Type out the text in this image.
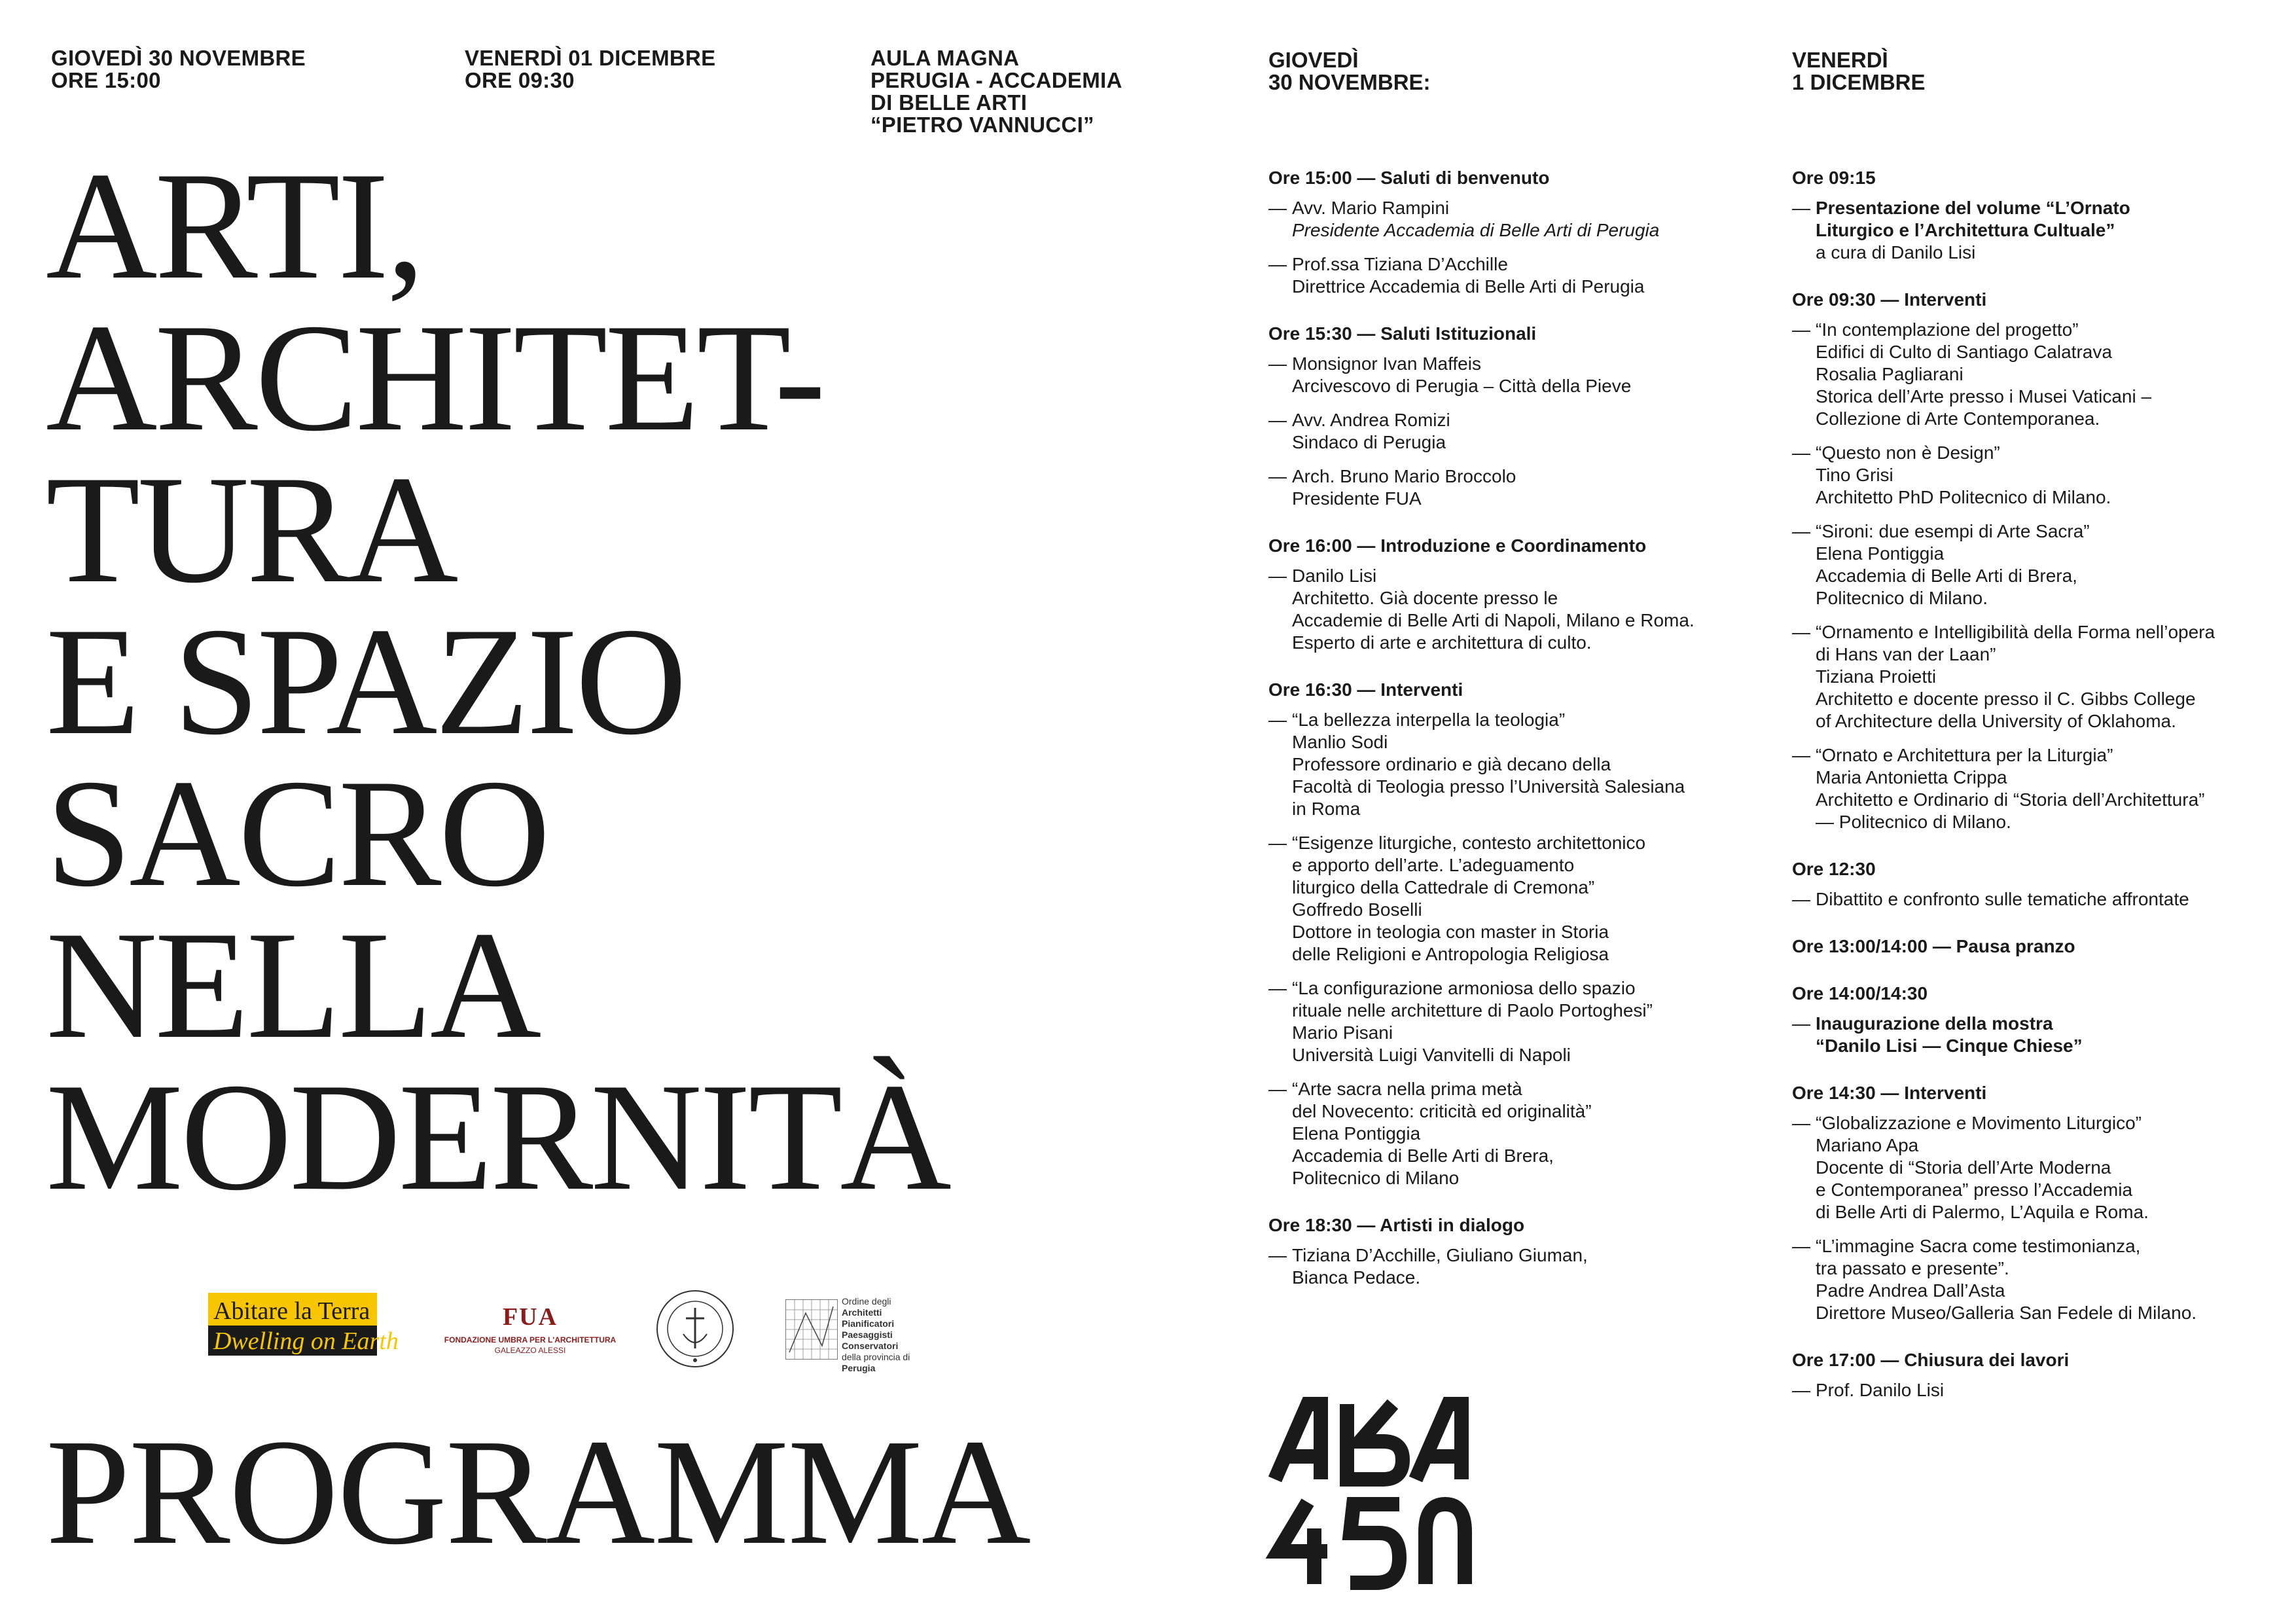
GIOVEDÌ 30 NOVEMBRE
ORE 15:00
VENERDÌ 01 DICEMBRE
ORE 09:30
AULA MAGNA
PERUGIA - ACCADEMIA
DI BELLE ARTI
“PIETRO VANNUCCI”
ARTI,
ARCHITET-
TURA
E SPAZIO
SACRO
NELLA
MODERNITÀ
Abitare la Terra
Dwelling on Earth
FUA
FONDAZIONE UMBRA PER L'ARCHITETTURA
GALEAZZO ALESSI
Ordine degli
Architetti
Pianificatori
Paesaggisti
Conservatori
della provincia di
Perugia
PROGRAMMA
ABA
GIOVEDÌ
30 NOVEMBRE:
Ore 15:00 — Saluti di benvenuto
— Avv. Mario Rampini
Presidente Accademia di Belle Arti di Perugia
— Prof.ssa Tiziana D’Acchille
Direttrice Accademia di Belle Arti di Perugia
Ore 15:30 — Saluti Istituzionali
— Monsignor Ivan Maffeis
Arcivescovo di Perugia – Città della Pieve
— Avv. Andrea Romizi
Sindaco di Perugia
— Arch. Bruno Mario Broccolo
Presidente FUA
Ore 16:00 — Introduzione e Coordinamento
— Danilo Lisi
Architetto. Già docente presso le
Accademie di Belle Arti di Napoli, Milano e Roma.
Esperto di arte e architettura di culto.
Ore 16:30 — Interventi
— “La bellezza interpella la teologia”
Manlio Sodi
Professore ordinario e già decano della
Facoltà di Teologia presso l’Università Salesiana
in Roma
— “Esigenze liturgiche, contesto architettonico
e apporto dell’arte. L’adeguamento
liturgico della Cattedrale di Cremona”
Goffredo Boselli
Dottore in teologia con master in Storia
delle Religioni e Antropologia Religiosa
— “La configurazione armoniosa dello spazio
rituale nelle architetture di Paolo Portoghesi”
Mario Pisani
Università Luigi Vanvitelli di Napoli
— “Arte sacra nella prima metà
del Novecento: criticità ed originalità”
Elena Pontiggia
Accademia di Belle Arti di Brera,
Politecnico di Milano
Ore 18:30 — Artisti in dialogo
— Tiziana D’Acchille, Giuliano Giuman,
Bianca Pedace.
VENERDÌ
1 DICEMBRE
Ore 09:15
— Presentazione del volume “L’Ornato
Liturgico e l’Architettura Cultuale”
a cura di Danilo Lisi
Ore 09:30 — Interventi
— “In contemplazione del progetto”
Edifici di Culto di Santiago Calatrava
Rosalia Pagliarani
Storica dell’Arte presso i Musei Vaticani –
Collezione di Arte Contemporanea.
— “Questo non è Design”
Tino Grisi
Architetto PhD Politecnico di Milano.
— “Sironi: due esempi di Arte Sacra”
Elena Pontiggia
Accademia di Belle Arti di Brera,
Politecnico di Milano.
— “Ornamento e Intelligibilità della Forma nell’opera
di Hans van der Laan”
Tiziana Proietti
Architetto e docente presso il C. Gibbs College
of Architecture della University of Oklahoma.
— “Ornato e Architettura per la Liturgia”
Maria Antonietta Crippa
Architetto e Ordinario di “Storia dell’Architettura”
— Politecnico di Milano.
Ore 12:30
— Dibattito e confronto sulle tematiche affrontate
Ore 13:00/14:00 — Pausa pranzo
Ore 14:00/14:30
— Inaugurazione della mostra
“Danilo Lisi — Cinque Chiese”
Ore 14:30 — Interventi
— “Globalizzazione e Movimento Liturgico”
Mariano Apa
Docente di “Storia dell’Arte Moderna
e Contemporanea” presso l’Accademia
di Belle Arti di Palermo, L’Aquila e Roma.
— “L’immagine Sacra come testimonianza,
tra passato e presente”.
Padre Andrea Dall’Asta
Direttore Museo/Galleria San Fedele di Milano.
Ore 17:00 — Chiusura dei lavori
— Prof. Danilo Lisi
